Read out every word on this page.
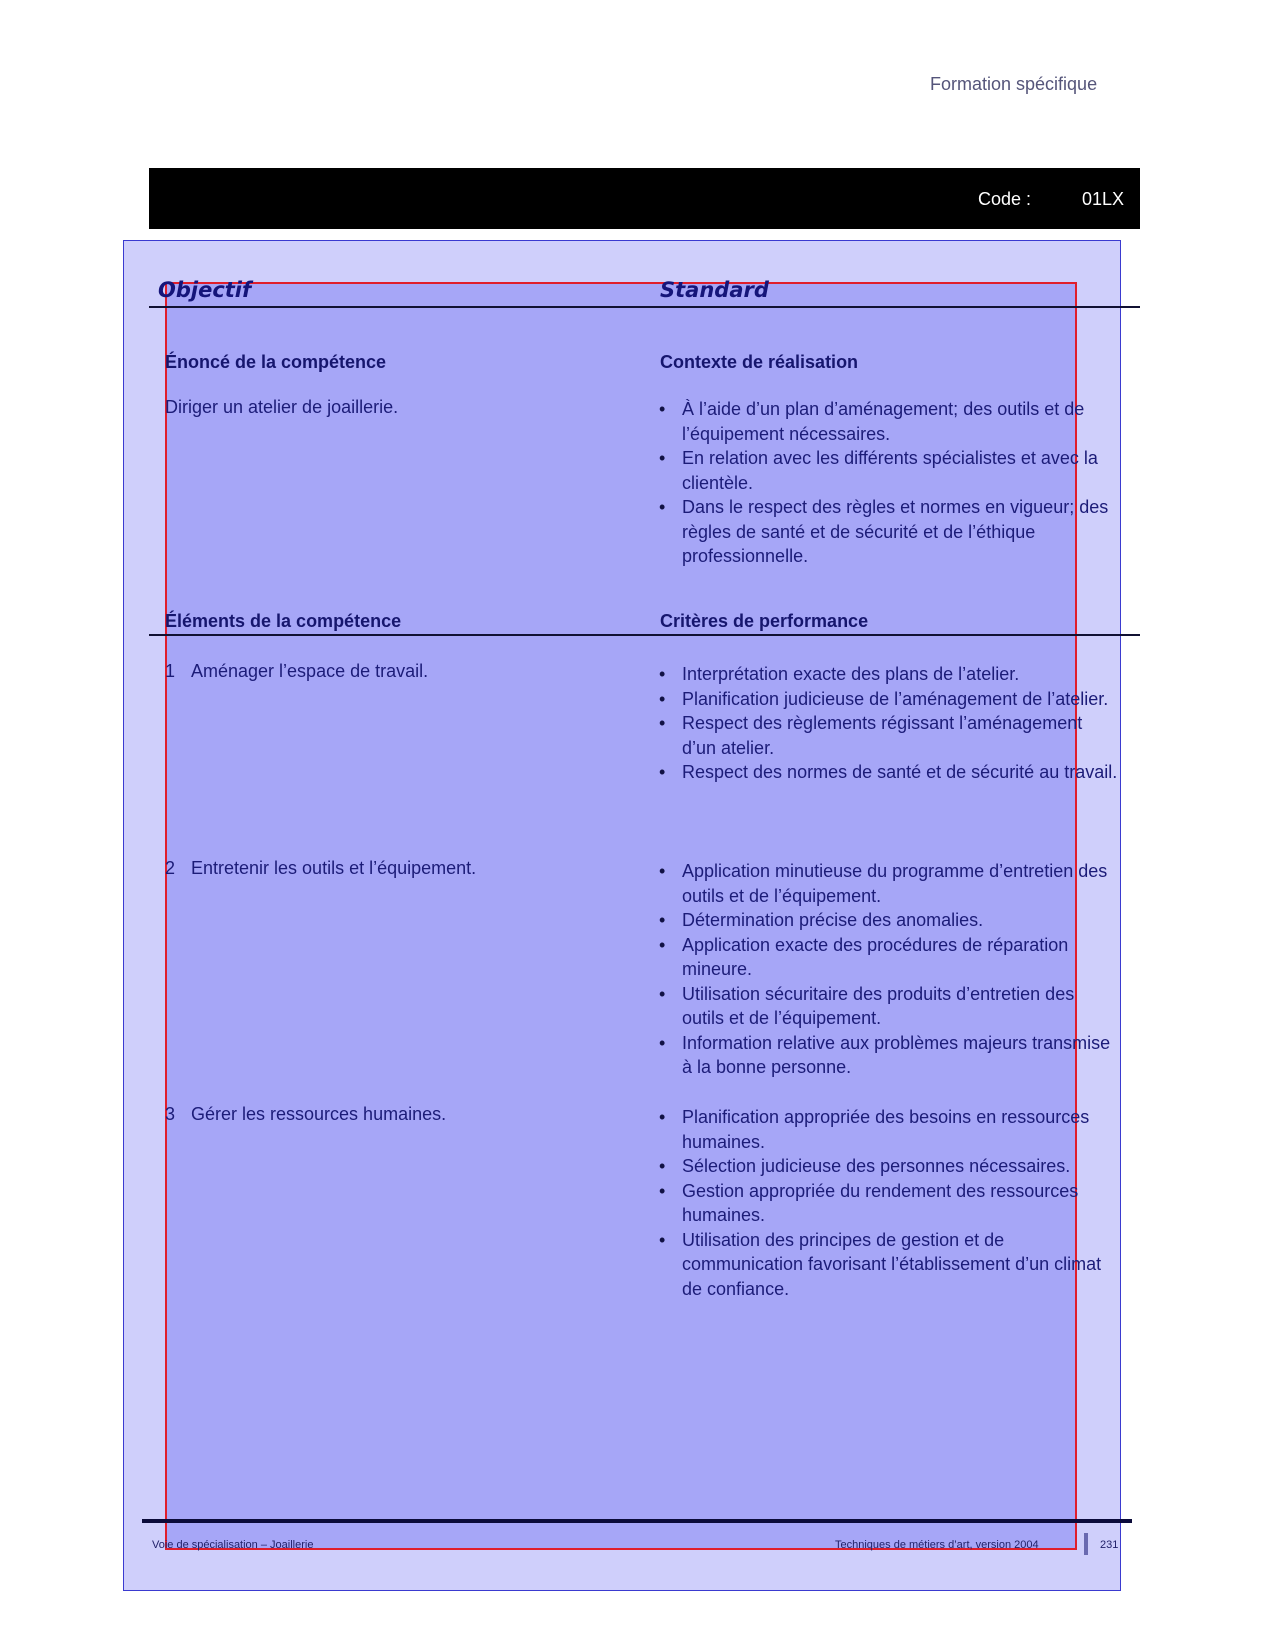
Formation spécifique
Code :	01LX
Objectif	Standard
Énoncé de la compétence	Contexte de réalisation
Diriger un atelier de joaillerie.	• À l’aide d’un plan d’aménagement; des outils et de l’équipement nécessaires.
• En relation avec les différents spécialistes et avec la clientèle.
• Dans le respect des règles et normes en vigueur; des règles de santé et de sécurité et de l’éthique professionnelle.
Éléments de la compétence	Critères de performance
1 Aménager l’espace de travail.	• Interprétation exacte des plans de l’atelier.
• Planification judicieuse de l’aménagement de l’atelier.
• Respect des règlements régissant l’aménagement d’un atelier.
• Respect des normes de santé et de sécurité au travail.
2 Entretenir les outils et l’équipement.	• Application minutieuse du programme d’entretien des outils et de l’équipement.
• Détermination précise des anomalies.
• Application exacte des procédures de réparation mineure.
• Utilisation sécuritaire des produits d’entretien des outils et de l’équipement.
• Information relative aux problèmes majeurs transmise à la bonne personne.
3 Gérer les ressources humaines.	• Planification appropriée des besoins en ressources humaines.
• Sélection judicieuse des personnes nécessaires.
• Gestion appropriée du rendement des ressources humaines.
• Utilisation des principes de gestion et de communication favorisant l’établissement d’un climat de confiance.
Voie de spécialisation – Joaillerie	Techniques de métiers d’art, version 2004	231
